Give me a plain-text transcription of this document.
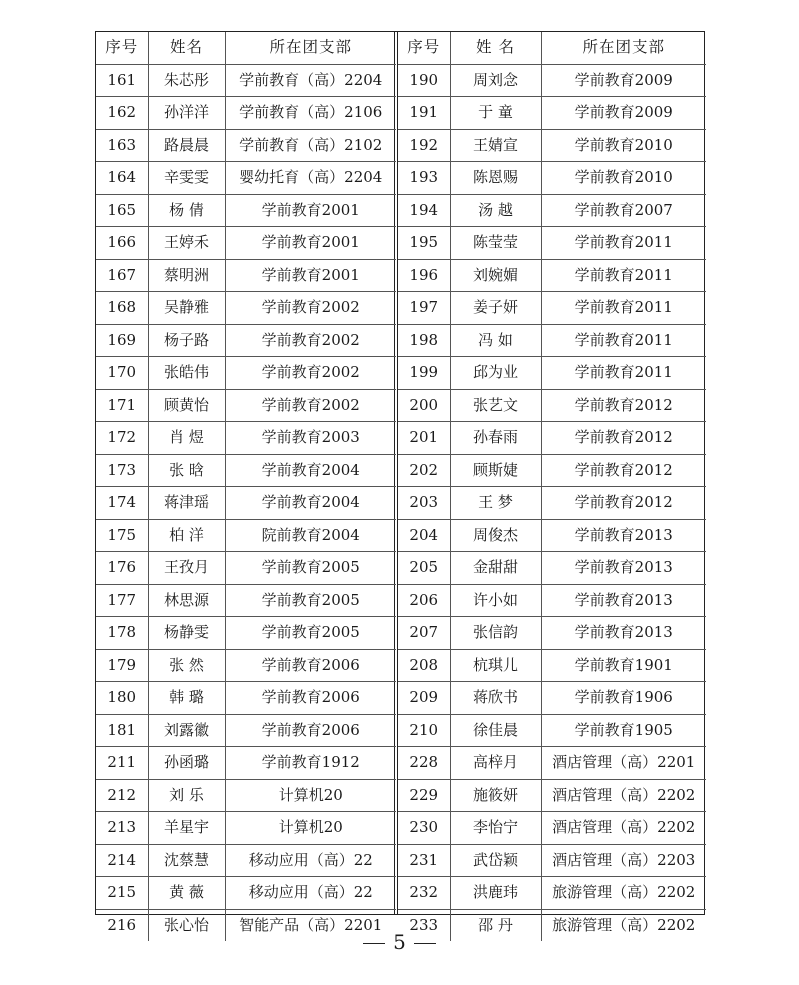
序号	姓名	所在团支部
161	朱芯彤	学前教育（高）2204
162	孙洋洋	学前教育（高）2106
163	路晨晨	学前教育（高）2102
164	辛雯雯	婴幼托育（高）2204
165	杨 倩	学前教育2001
166	王婷禾	学前教育2001
167	蔡明洲	学前教育2001
168	吴静雅	学前教育2002
169	杨子路	学前教育2002
170	张皓伟	学前教育2002
171	顾黄怡	学前教育2002
172	肖 煜	学前教育2003
173	张 晗	学前教育2004
174	蒋津瑶	学前教育2004
175	柏 洋	院前教育2004
176	王孜月	学前教育2005
177	林思源	学前教育2005
178	杨静雯	学前教育2005
179	张 然	学前教育2006
180	韩 璐	学前教育2006
181	刘露徽	学前教育2006
211	孙函璐	学前教育1912
212	刘 乐	计算机20
213	羊星宇	计算机20
214	沈蔡慧	移动应用（高）22
215	黄 薇	移动应用（高）22
216	张心怡	智能产品（高）2201
序号	姓 名	所在团支部
190	周刘念	学前教育2009
191	于 童	学前教育2009
192	王婧宣	学前教育2010
193	陈恩赐	学前教育2010
194	汤 越	学前教育2007
195	陈莹莹	学前教育2011
196	刘婉媚	学前教育2011
197	姜子妍	学前教育2011
198	冯 如	学前教育2011
199	邱为业	学前教育2011
200	张艺文	学前教育2012
201	孙春雨	学前教育2012
202	顾斯婕	学前教育2012
203	王 梦	学前教育2012
204	周俊杰	学前教育2013
205	金甜甜	学前教育2013
206	许小如	学前教育2013
207	张信韵	学前教育2013
208	杭琪儿	学前教育1901
209	蒋欣书	学前教育1906
210	徐佳晨	学前教育1905
228	高梓月	酒店管理（高）2201
229	施筱妍	酒店管理（高）2202
230	李怡宁	酒店管理（高）2202
231	武岱颖	酒店管理（高）2203
232	洪鹿玮	旅游管理（高）2202
233	邵 丹	旅游管理（高）2202
5
